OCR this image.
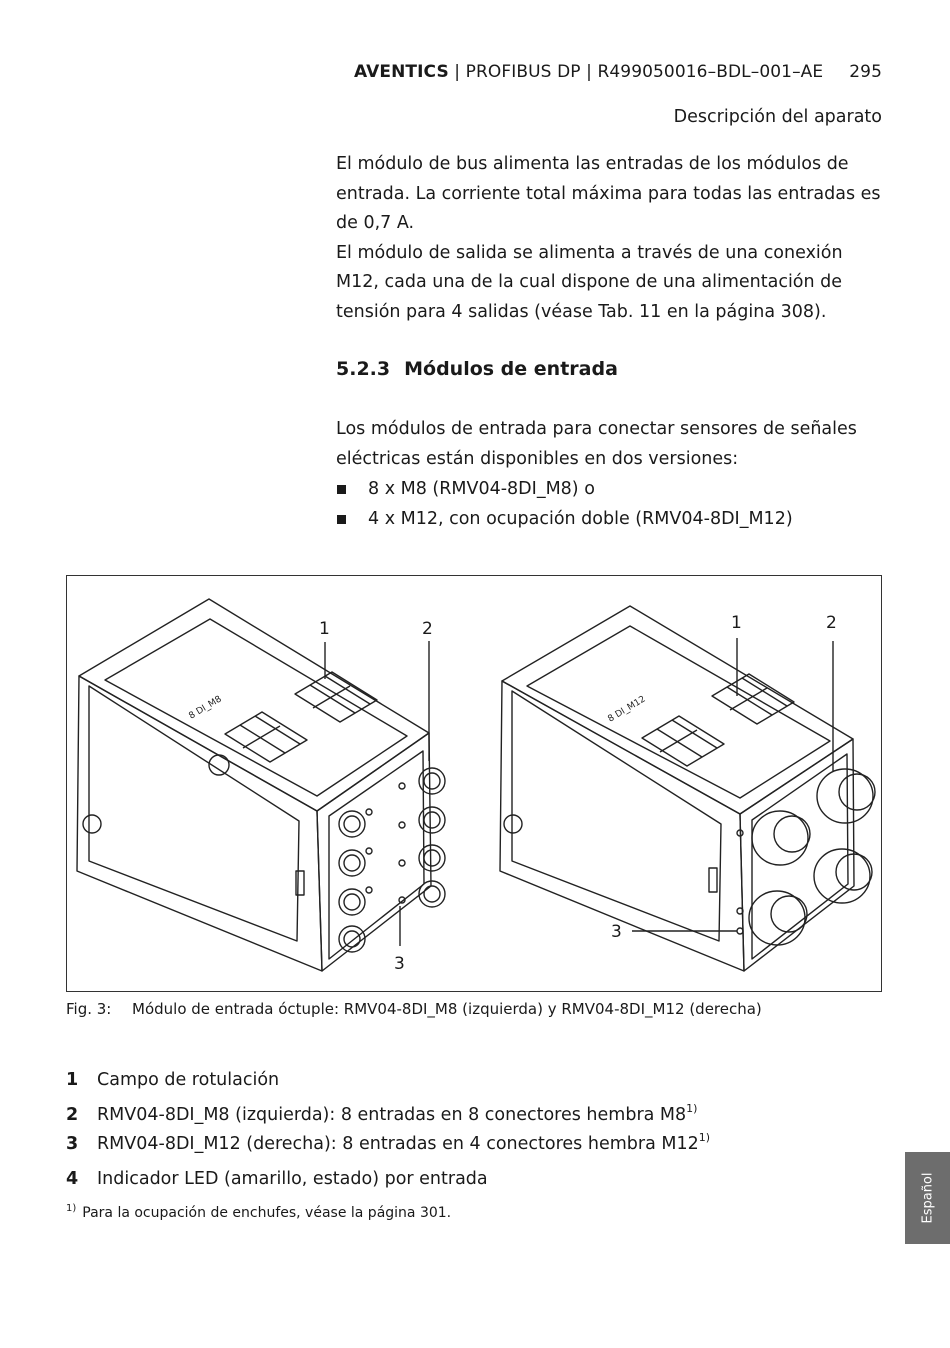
AVENTICS | PROFIBUS DP | R499050016–BDL–001–AE 295
Descripción del aparato
El módulo de bus alimenta las entradas de los módulos de entrada. La corriente total máxima para todas las entradas es de 0,7 A.
El módulo de salida se alimenta a través de una conexión M12, cada una de la cual dispone de una alimentación de tensión para 4 salidas (véase Tab. 11 en la página 308).
5.2.3 Módulos de entrada
Los módulos de entrada para conectar sensores de señales eléctricas están disponibles en dos versiones:
8 x M8 (RMV04-8DI_M8) o
4 x M12, con ocupación doble (RMV04-8DI_M12)
1	2
3
1	2
3
8 DI_M8	8 DI_M12
Fig. 3: Módulo de entrada óctuple: RMV04-8DI_M8 (izquierda) y RMV04-8DI_M12 (derecha)
1 Campo de rotulación
2 RMV04-8DI_M8 (izquierda): 8 entradas en 8 conectores hembra M8$^{1)}$
3 RMV04-8DI_M12 (derecha): 8 entradas en 4 conectores hembra M12$^{1)}$
4 Indicador LED (amarillo, estado) por entrada
$^{1)}$ Para la ocupación de enchufes, véase la página 301.	Español
